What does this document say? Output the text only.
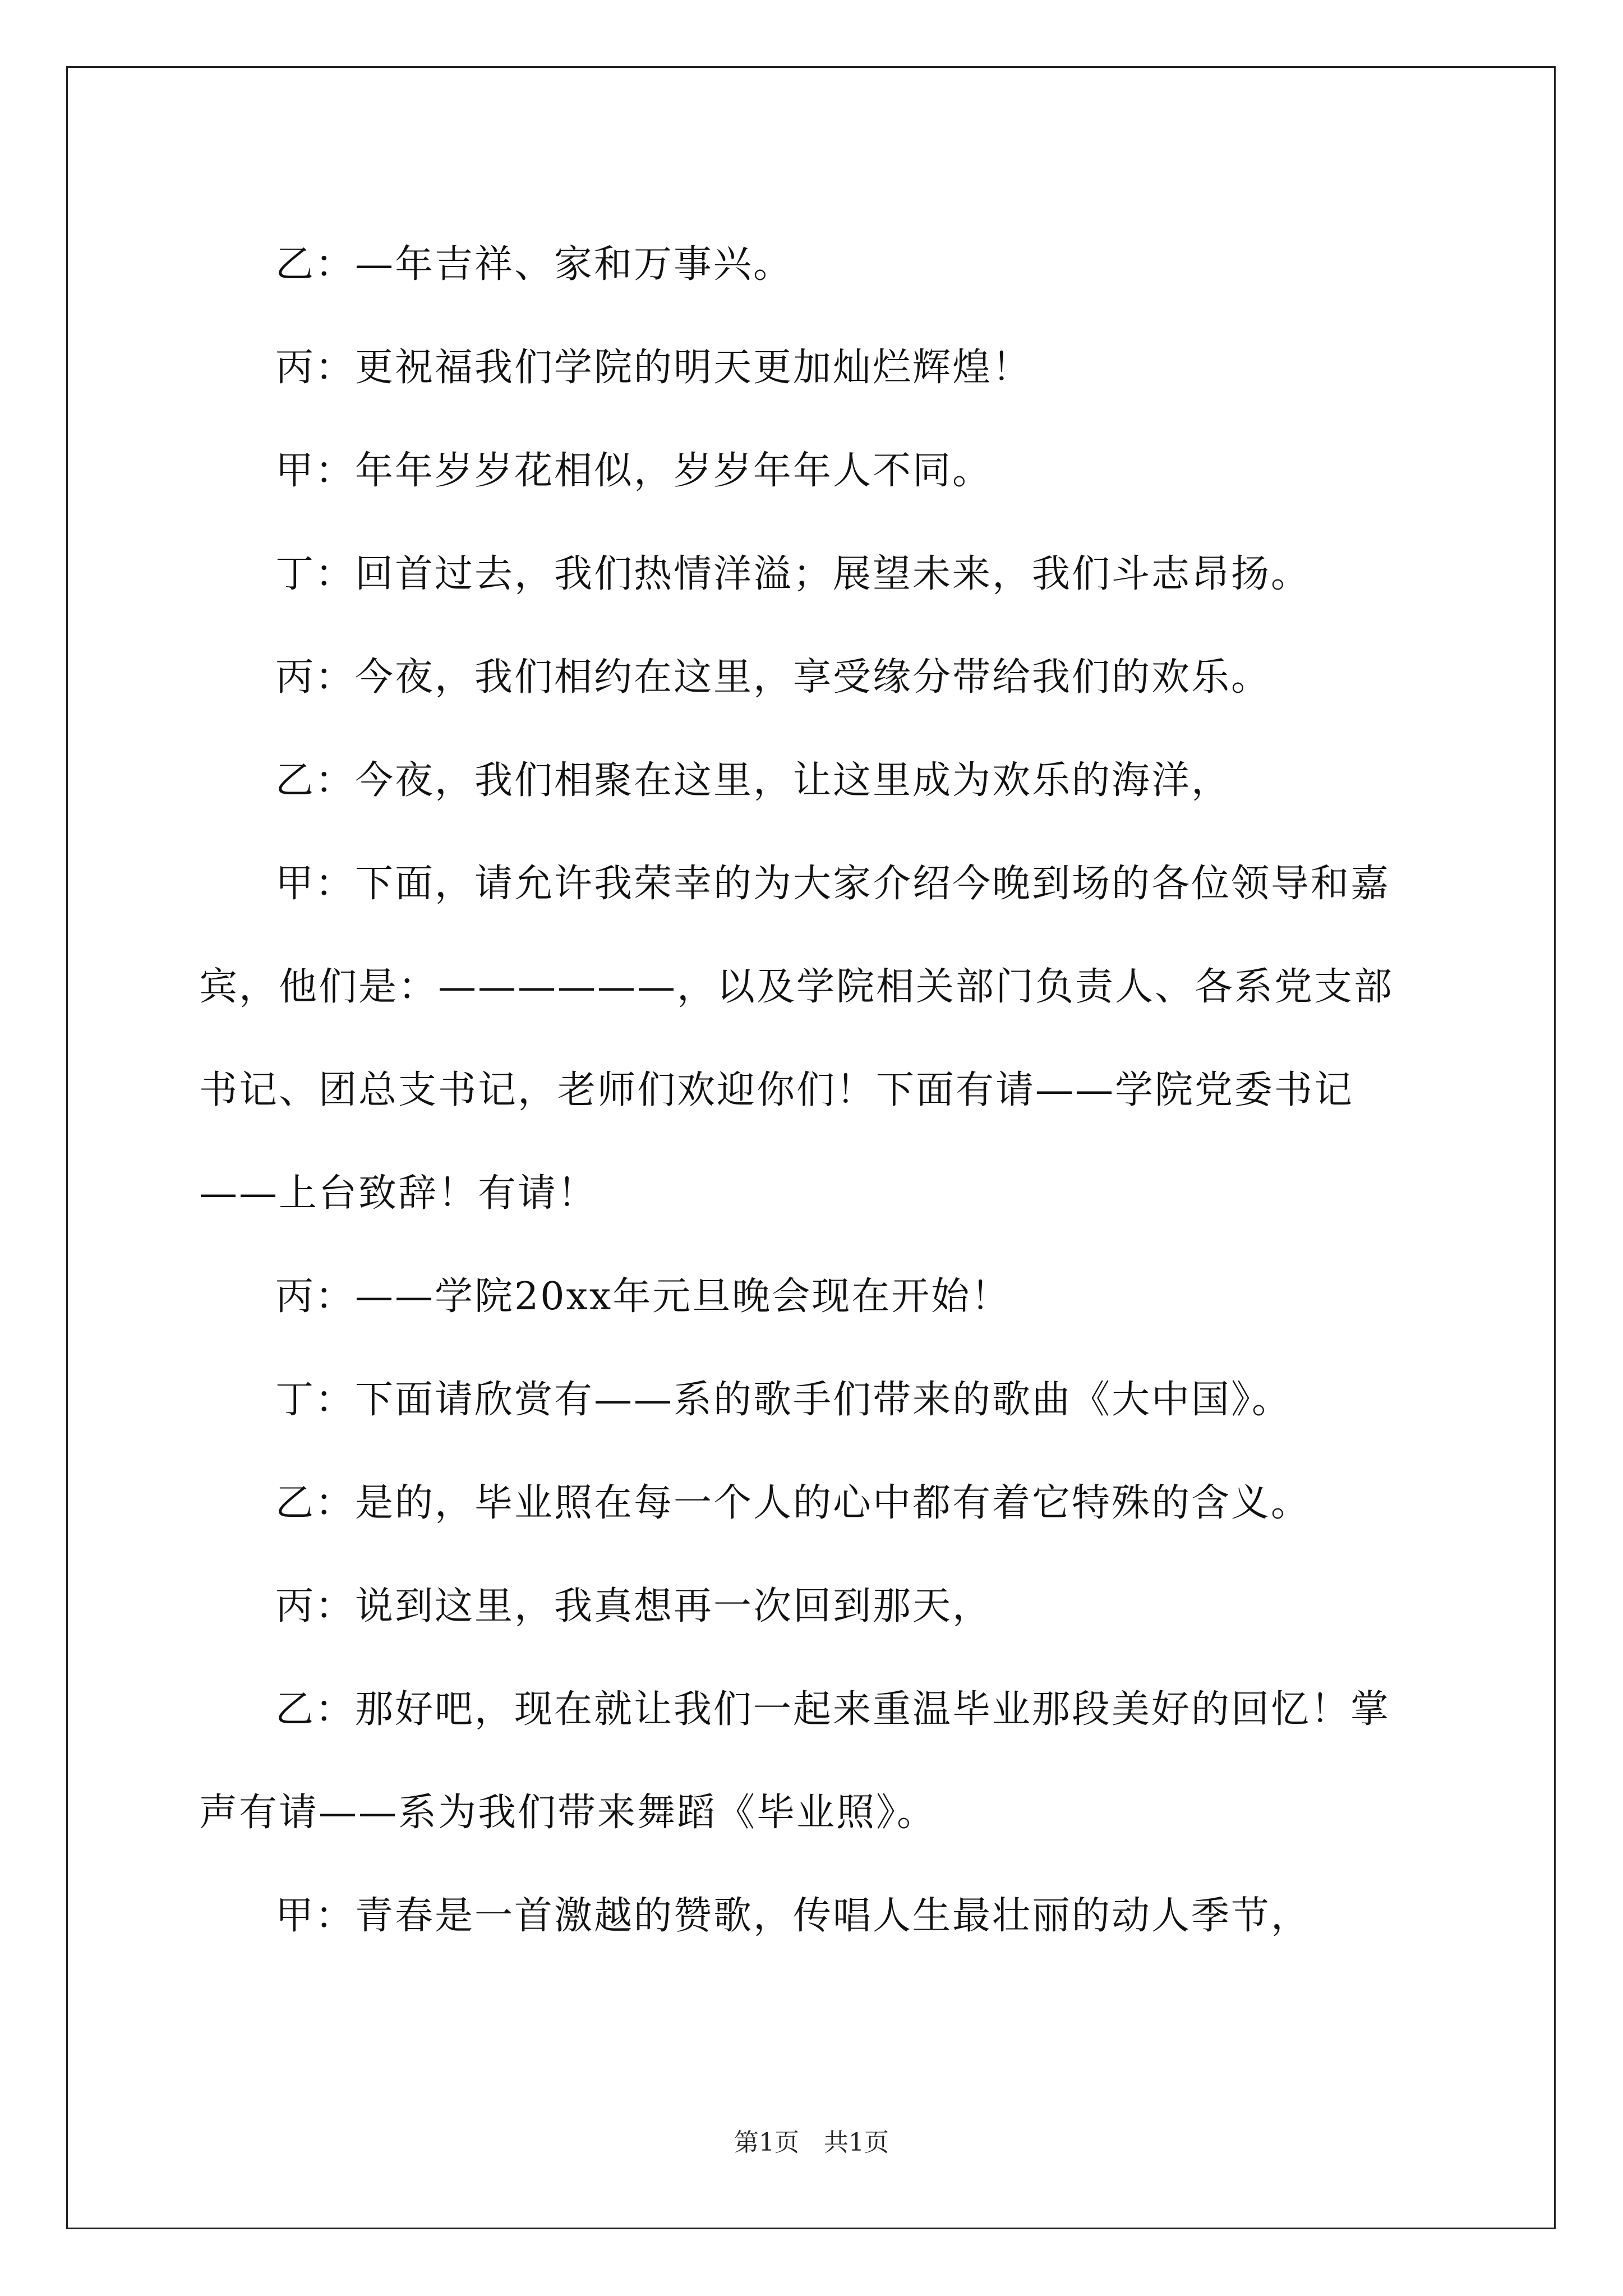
乙：—年吉祥、家和万事兴。

丙：更祝福我们学院的明天更加灿烂辉煌！

甲：年年岁岁花相似，岁岁年年人不同。

丁：回首过去，我们热情洋溢；展望未来，我们斗志昂扬。

丙：今夜，我们相约在这里，享受缘分带给我们的欢乐。

乙：今夜，我们相聚在这里，让这里成为欢乐的海洋，

甲：下面，请允许我荣幸的为大家介绍今晚到场的各位领导和嘉宾，他们是：——————，以及学院相关部门负责人、各系党支部书记、团总支书记，老师们欢迎你们！下面有请——学院党委书记——上台致辞！有请！

丙：——学院20xx年元旦晚会现在开始！

丁：下面请欣赏有——系的歌手们带来的歌曲《大中国》。

乙：是的，毕业照在每一个人的心中都有着它特殊的含义。

丙：说到这里，我真想再一次回到那天，

乙：那好吧，现在就让我们一起来重温毕业那段美好的回忆！掌声有请——系为我们带来舞蹈《毕业照》。

甲：青春是一首激越的赞歌，传唱人生最壮丽的动人季节，

第1页　共1页
